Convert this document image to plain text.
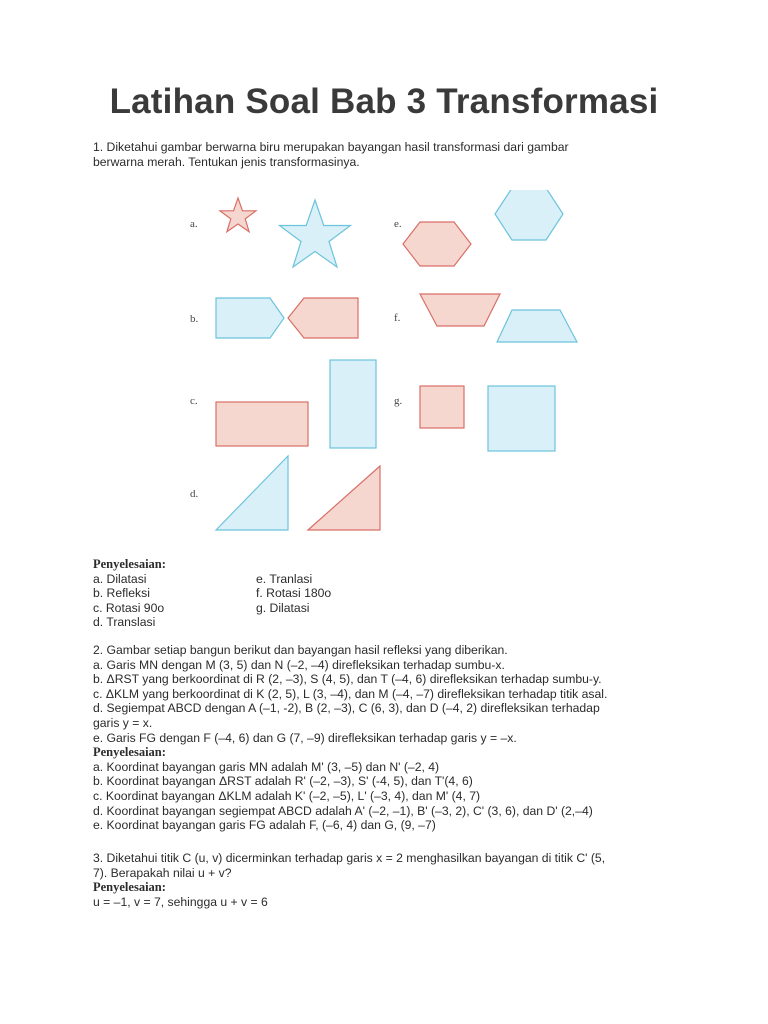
Latihan Soal Bab 3 Transformasi
1. Diketahui gambar berwarna biru merupakan bayangan hasil transformasi dari gambar
berwarna merah. Tentukan jenis transformasinya.
a.
b.
c.
d.
e.
f.
g.
Penyelesaian:
a. Dilatasi
b. Refleksi
c. Rotasi 90o
d. Translasi
e. Tranlasi
f. Rotasi 180o
g. Dilatasi
2. Gambar setiap bangun berikut dan bayangan hasil refleksi yang diberikan.
a. Garis MN dengan M (3, 5) dan N (–2, –4) direfleksikan terhadap sumbu-x.
b. ΔRST yang berkoordinat di R (2, –3), S (4, 5), dan T (–4, 6) direfleksikan terhadap sumbu-y.
c. ΔKLM yang berkoordinat di K (2, 5), L (3, –4), dan M (–4, –7) direfleksikan terhadap titik asal.
d. Segiempat ABCD dengan A (–1, -2), B (2, –3), C (6, 3), dan D (–4, 2) direfleksikan terhadap
garis y = x.
e. Garis FG dengan F (–4, 6) dan G (7, –9) direfleksikan terhadap garis y = –x.
Penyelesaian:
a. Koordinat bayangan garis MN adalah M' (3, –5) dan N' (–2, 4)
b. Koordinat bayangan ΔRST adalah R' (–2, –3), S' (-4, 5), dan T'(4, 6)
c. Koordinat bayangan ΔKLM adalah K' (–2, –5), L' (–3, 4), dan M' (4, 7)
d. Koordinat bayangan segiempat ABCD adalah A' (–2, –1), B' (–3, 2), C' (3, 6), dan D' (2,–4)
e. Koordinat bayangan garis FG adalah F, (–6, 4) dan G, (9, –7)
3. Diketahui titik C (u, v) dicerminkan terhadap garis x = 2 menghasilkan bayangan di titik C' (5,
7). Berapakah nilai u + v?
Penyelesaian:
u = –1, v = 7, sehingga u + v = 6
